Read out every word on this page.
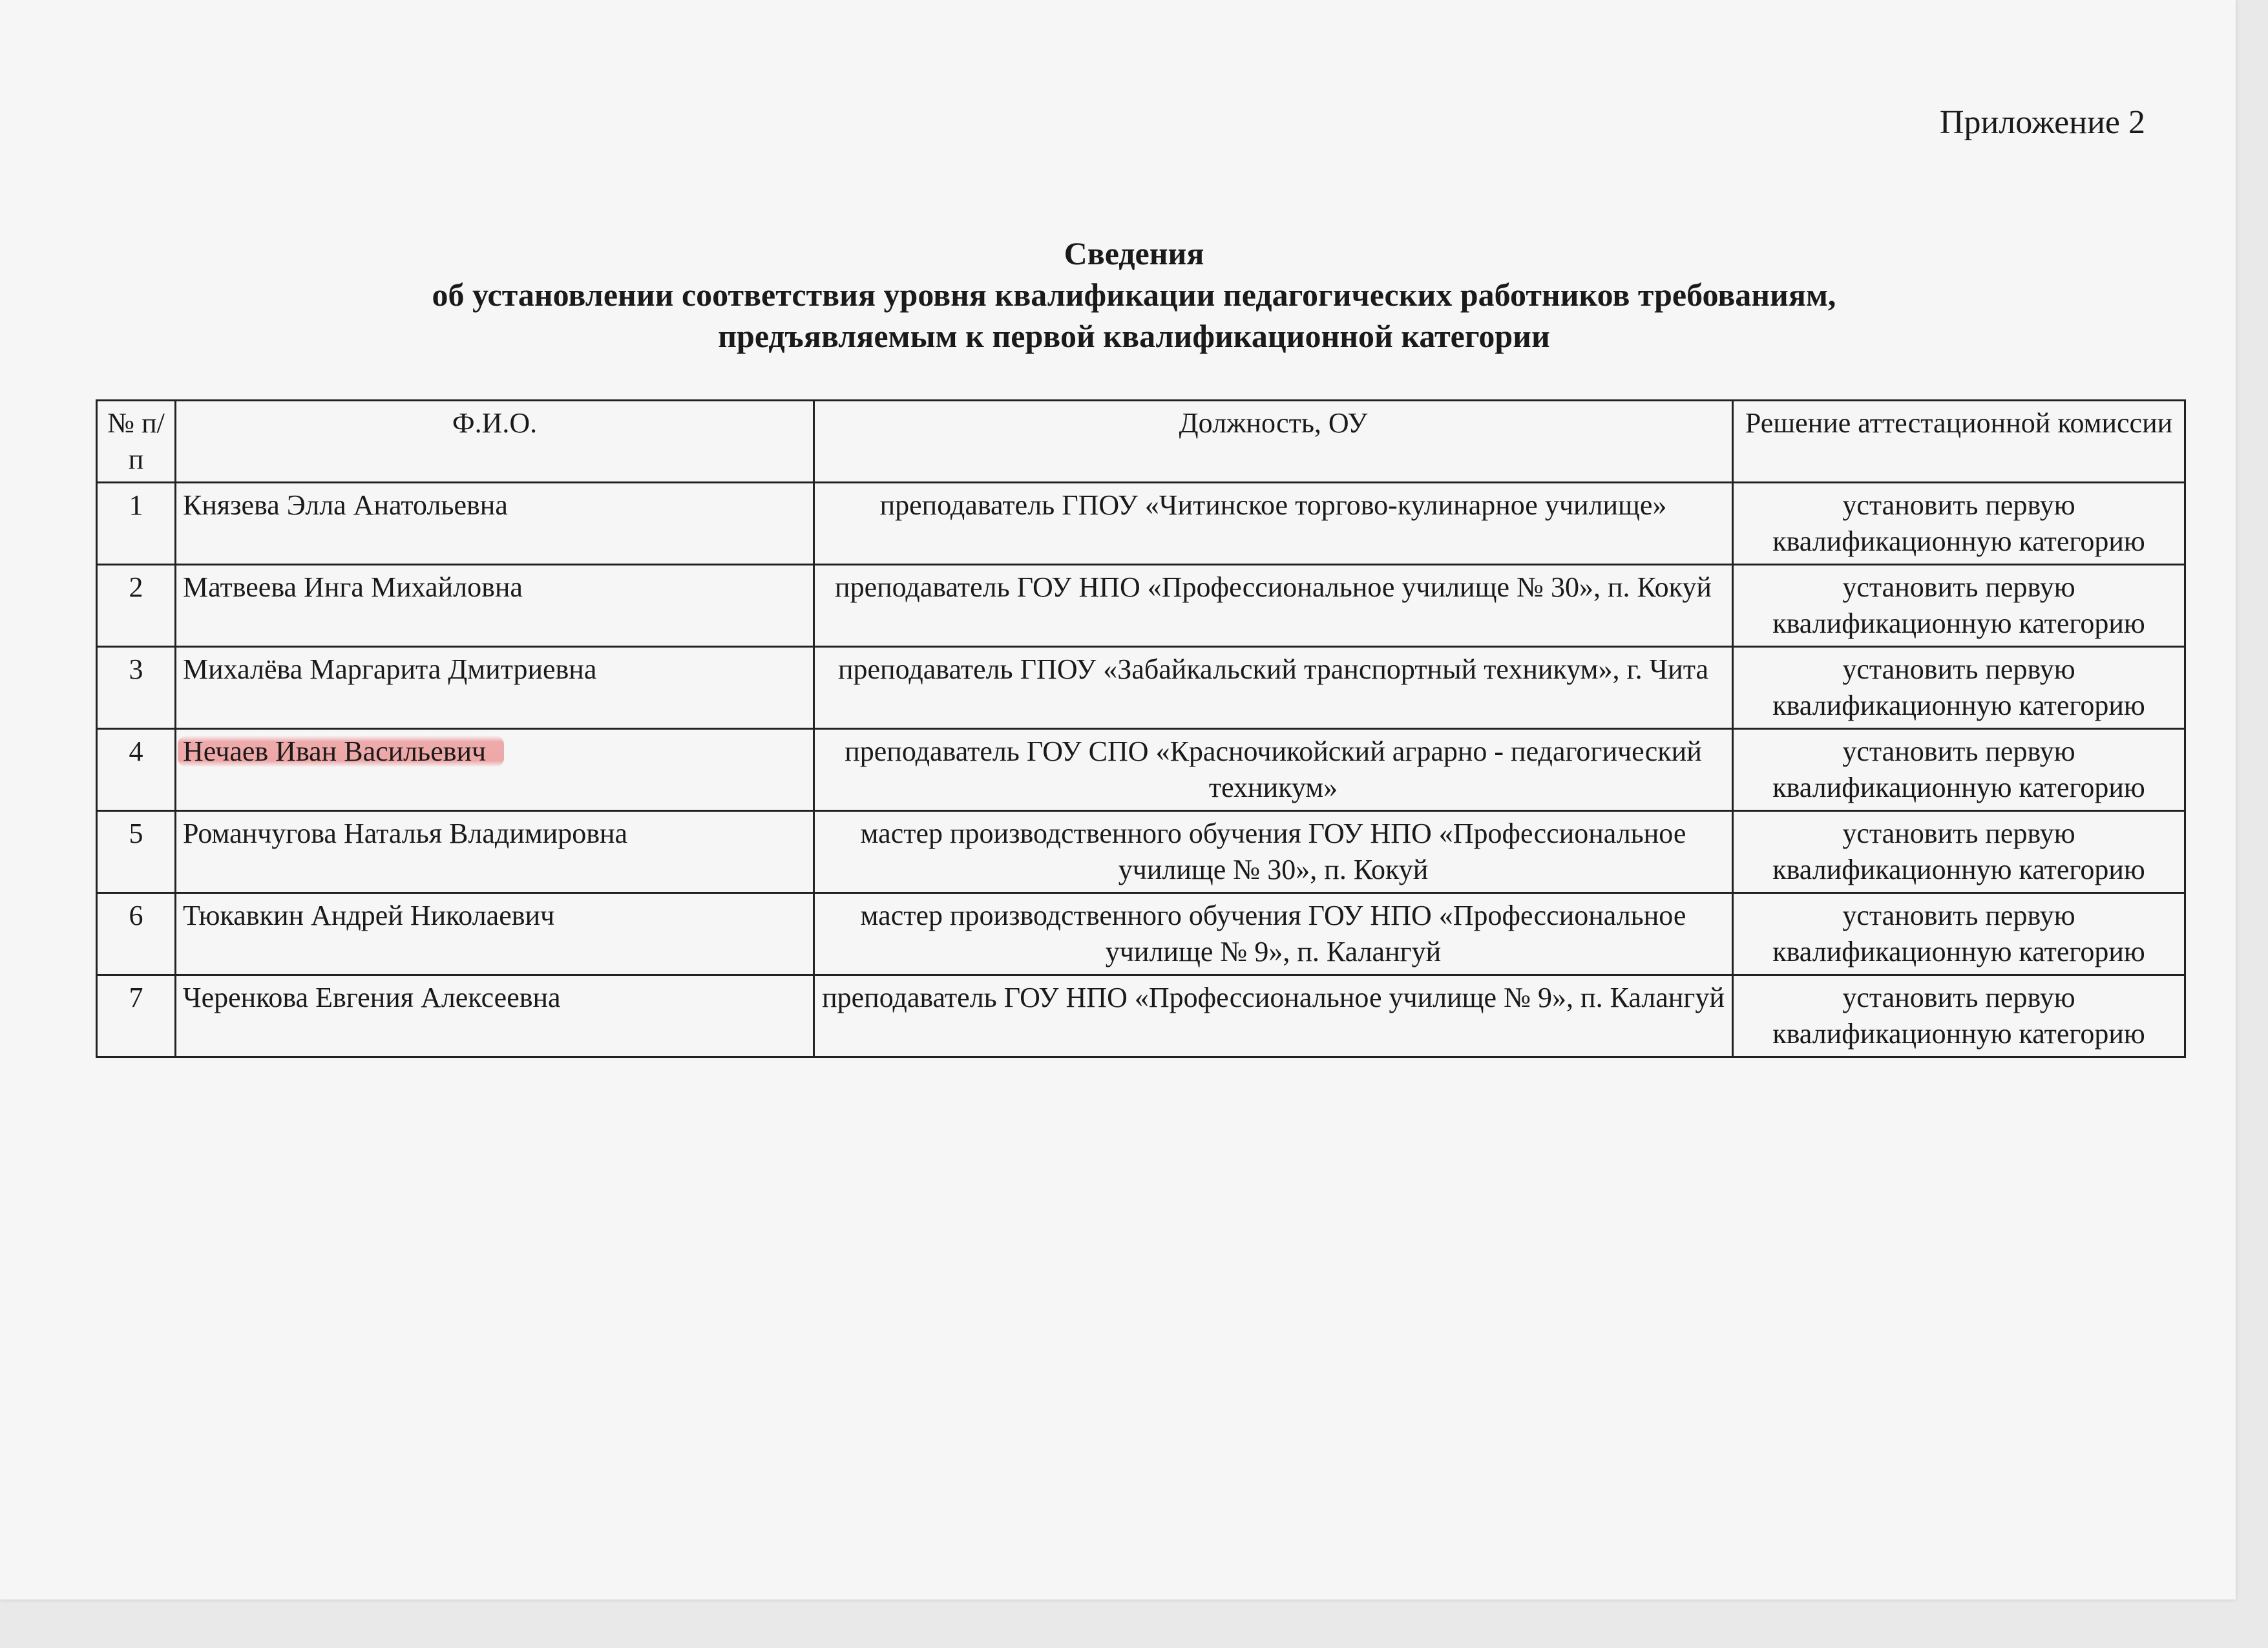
Приложение 2
Сведения
об установлении соответствия уровня квалификации педагогических работников требованиям,
предъявляемым к первой квалификационной категории
№ п/п	Ф.И.О.	Должность, ОУ	Решение аттестационной комиссии
1	Князева Элла Анатольевна	преподаватель ГПОУ «Читинское торгово-кулинарное училище»	установить первую квалификационную категорию
2	Матвеева Инга Михайловна	преподаватель ГОУ НПО «Профессиональное училище № 30», п. Кокуй	установить первую квалификационную категорию
3	Михалёва Маргарита Дмитриевна	преподаватель ГПОУ «Забайкальский транспортный техникум», г. Чита	установить первую квалификационную категорию
4	Нечаев Иван Васильевич	преподаватель ГОУ СПО «Красночикойский аграрно - педагогический техникум»	установить первую квалификационную категорию
5	Романчугова Наталья Владимировна	мастер производственного обучения ГОУ НПО «Профессиональное училище № 30», п. Кокуй	установить первую квалификационную категорию
6	Тюкавкин Андрей Николаевич	мастер производственного обучения ГОУ НПО «Профессиональное училище № 9», п. Калангуй	установить первую квалификационную категорию
7	Черенкова Евгения Алексеевна	преподаватель ГОУ НПО «Профессиональное училище № 9», п. Калангуй	установить первую квалификационную категорию
